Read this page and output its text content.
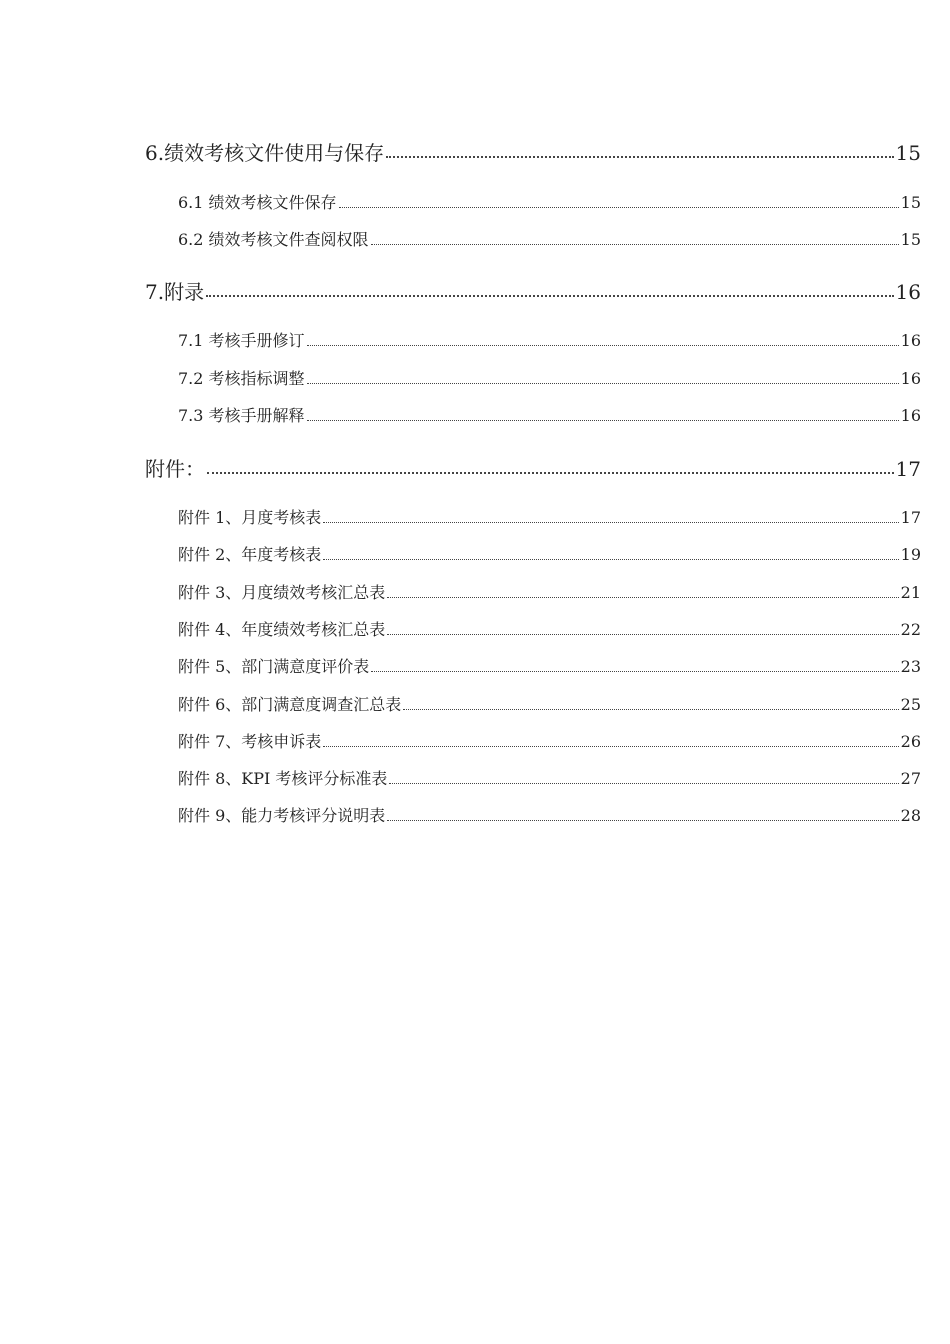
6.绩效考核文件使用与保存	15
6.1 绩效考核文件保存	15
6.2 绩效考核文件查阅权限	15
7.附录	16
7.1 考核手册修订	16
7.2 考核指标调整	16
7.3 考核手册解释	16
附件：	17
附件 1、月度考核表	17
附件 2、年度考核表	19
附件 3、月度绩效考核汇总表	21
附件 4、年度绩效考核汇总表	22
附件 5、部门满意度评价表	23
附件 6、部门满意度调查汇总表	25
附件 7、考核申诉表	26
附件 8、KPI 考核评分标准表	27
附件 9、能力考核评分说明表	28
